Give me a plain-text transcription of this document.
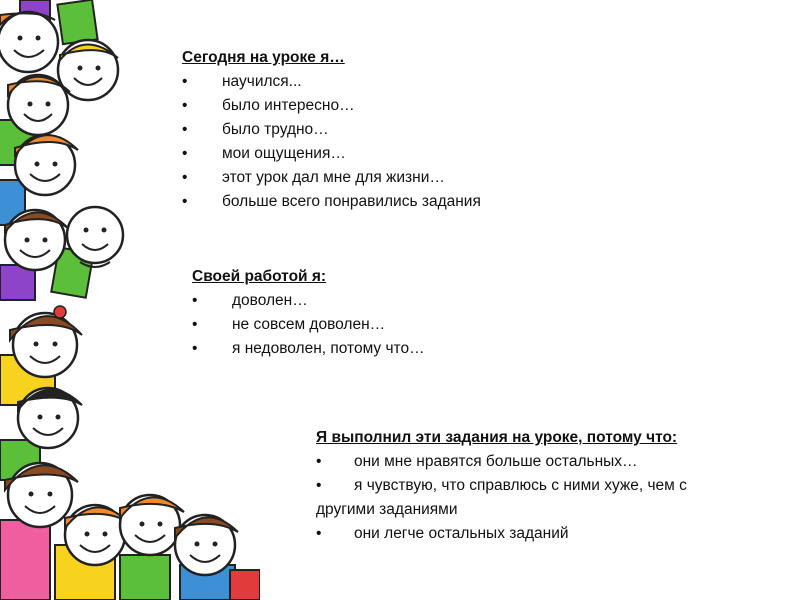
Сегодня на уроке я…
• научился...
• было интересно…
• было трудно…
• мои ощущения…
• этот урок дал мне для жизни…
• больше всего понравились задания
Своей работой я:
• доволен…
• не совсем доволен…
• я недоволен, потому что…
Я выполнил эти задания на уроке, потому что:
• они мне нравятся больше остальных…
• я чувствую, что справлюсь с ними хуже, чем с другими заданиями
• они легче остальных заданий
